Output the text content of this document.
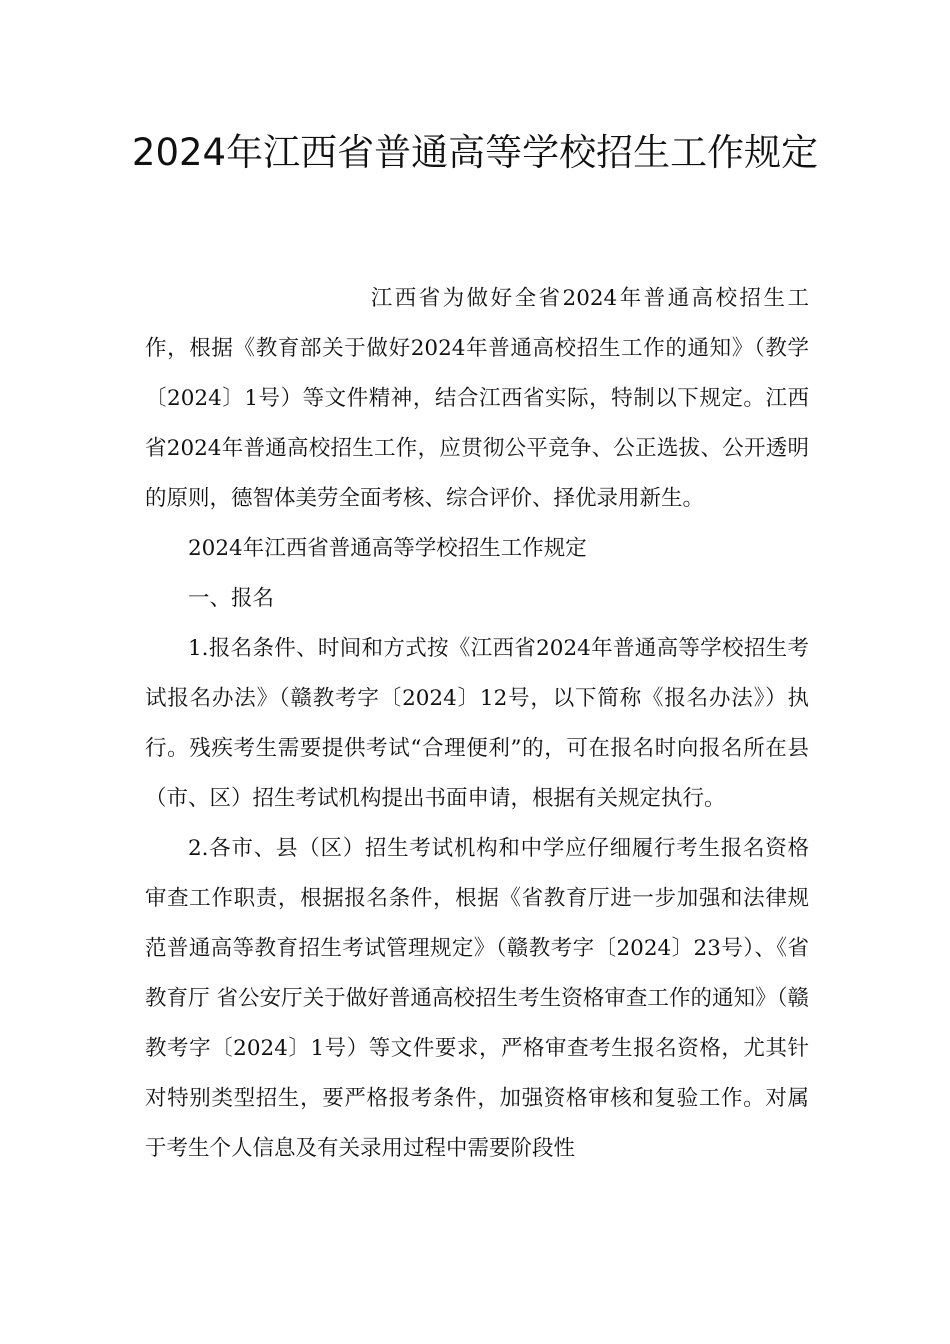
2024年江西省普通高等学校招生工作规定

江西省为做好全省2024年普通高校招生工作，根据《教育部关于做好2024年普通高校招生工作的通知》（教学〔2024〕1号）等文件精神，结合江西省实际，特制以下规定。江西省2024年普通高校招生工作，应贯彻公平竞争、公正选拔、公开透明的原则，德智体美劳全面考核、综合评价、择优录用新生。

2024年江西省普通高等学校招生工作规定

一、报名

1.报名条件、时间和方式按《江西省2024年普通高等学校招生考试报名办法》（赣教考字〔2024〕12号，以下简称《报名办法》）执行。残疾考生需要提供考试“合理便利”的，可在报名时向报名所在县（市、区）招生考试机构提出书面申请，根据有关规定执行。

2.各市、县（区）招生考试机构和中学应仔细履行考生报名资格审查工作职责，根据报名条件，根据《省教育厅进一步加强和法律规范普通高等教育招生考试管理规定》（赣教考字〔2024〕23号）、《省教育厅 省公安厅关于做好普通高校招生考生资格审查工作的通知》（赣教考字〔2024〕1号）等文件要求，严格审查考生报名资格，尤其针对特别类型招生，要严格报考条件，加强资格审核和复验工作。对属于考生个人信息及有关录用过程中需要阶段性
